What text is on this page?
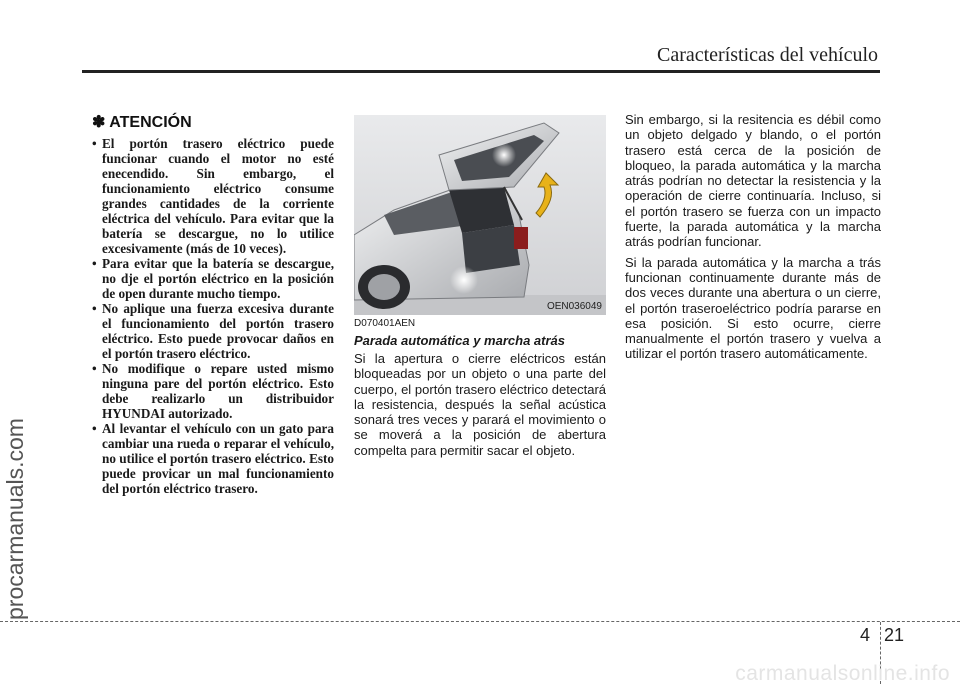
Características del vehículo
procarmanuals.com
✽ ATENCIÓN
• El portón trasero eléctrico puede funcionar cuando el motor no esté enecendido. Sin embargo, el funcionamiento eléctrico consume grandes cantidades de la corriente eléctrica del vehículo. Para evitar que la batería se descargue, no lo utilice excesivamente (más de 10 veces).
• Para evitar que la batería se descargue, no dje el portón eléctrico en la posición de open durante mucho tiempo.
• No aplique una fuerza excesiva durante el funcionamiento del portón trasero eléctrico. Esto puede provocar daños en el portón trasero eléctrico.
• No modifique o repare usted mismo ninguna pare del portón eléctrico. Esto debe realizarlo un distribuidor HYUNDAI autorizado.
• Al levantar el vehículo con un gato para cambiar una rueda o reparar el vehículo, no utilice el portón trasero eléctrico. Esto puede provicar un mal funcionamiento del portón eléctrico trasero.
OEN036049

D070401AEN

Parada automática y marcha atrás

Si la apertura o cierre eléctricos están bloqueadas por un objeto o una parte del cuerpo, el portón trasero eléctrico detectará la resistencia, después la señal acústica sonará tres veces y parará el movimiento o se moverá a la posición de abertura compelta para permitir sacar el objeto.

Sin embargo, si la resitencia es débil como un objeto delgado y blando, o el portón trasero está cerca de la posición de bloqueo, la parada automática y la marcha atrás podrían no detectar la resistencia y la operación de cierre continuaría. Incluso, si el portón trasero se fuerza con un impacto fuerte, la parada automática y la marcha atrás podrían funcionar.

Si la parada automática y la marcha a trás funcionan continuamente durante más de dos veces durante una abertura o un cierre, el portón traseroeléctrico podría pararse en esa posición. Si esto ocurre, cierre manualmente el portón trasero y vuelva a utilizar el portón trasero automáticamente.

4 21
carmanualsonline.info
